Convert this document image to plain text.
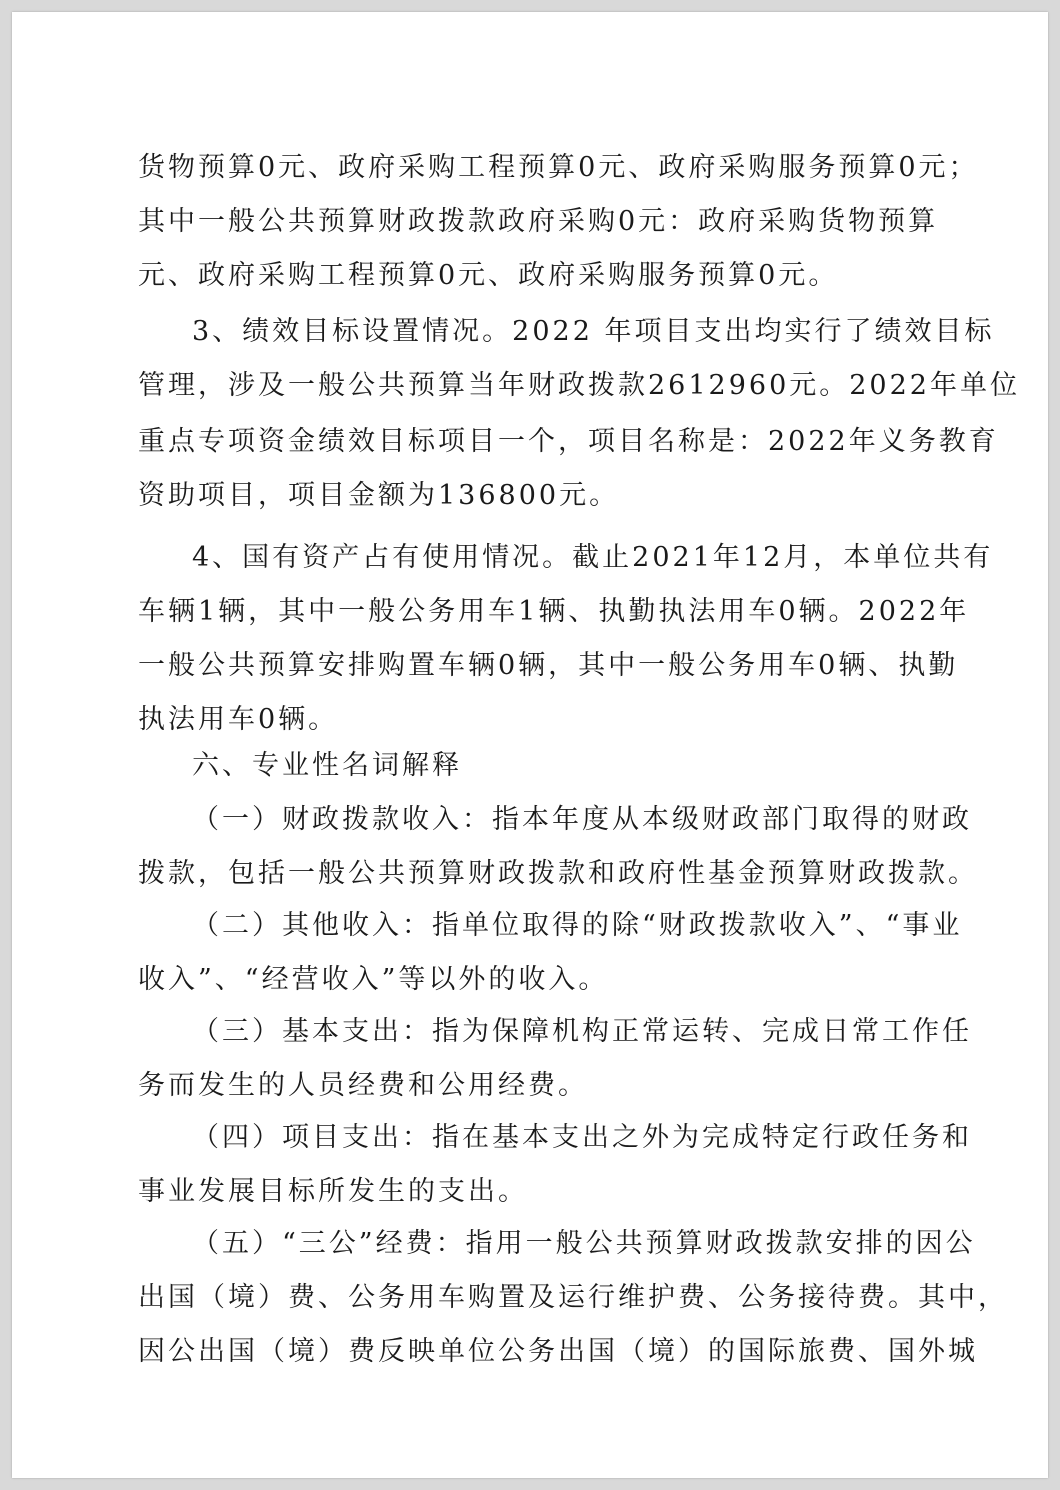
货物预算0元、政府采购工程预算0元、政府采购服务预算0元；
其中一般公共预算财政拨款政府采购0元：政府采购货物预算
元、政府采购工程预算0元、政府采购服务预算0元。
3、绩效目标设置情况。2022 年项目支出均实行了绩效目标
管理，涉及一般公共预算当年财政拨款2612960元。2022年单位
重点专项资金绩效目标项目一个，项目名称是：2022年义务教育
资助项目，项目金额为136800元。
4、国有资产占有使用情况。截止2021年12月，本单位共有
车辆1辆，其中一般公务用车1辆、执勤执法用车0辆。2022年
一般公共预算安排购置车辆0辆，其中一般公务用车0辆、执勤
执法用车0辆。
六、专业性名词解释
（一）财政拨款收入：指本年度从本级财政部门取得的财政
拨款，包括一般公共预算财政拨款和政府性基金预算财政拨款。
（二）其他收入：指单位取得的除“财政拨款收入”、“事业
收入”、“经营收入”等以外的收入。
（三）基本支出：指为保障机构正常运转、完成日常工作任
务而发生的人员经费和公用经费。
（四）项目支出：指在基本支出之外为完成特定行政任务和
事业发展目标所发生的支出。
（五）“三公”经费：指用一般公共预算财政拨款安排的因公
出国（境）费、公务用车购置及运行维护费、公务接待费。其中，
因公出国（境）费反映单位公务出国（境）的国际旅费、国外城
